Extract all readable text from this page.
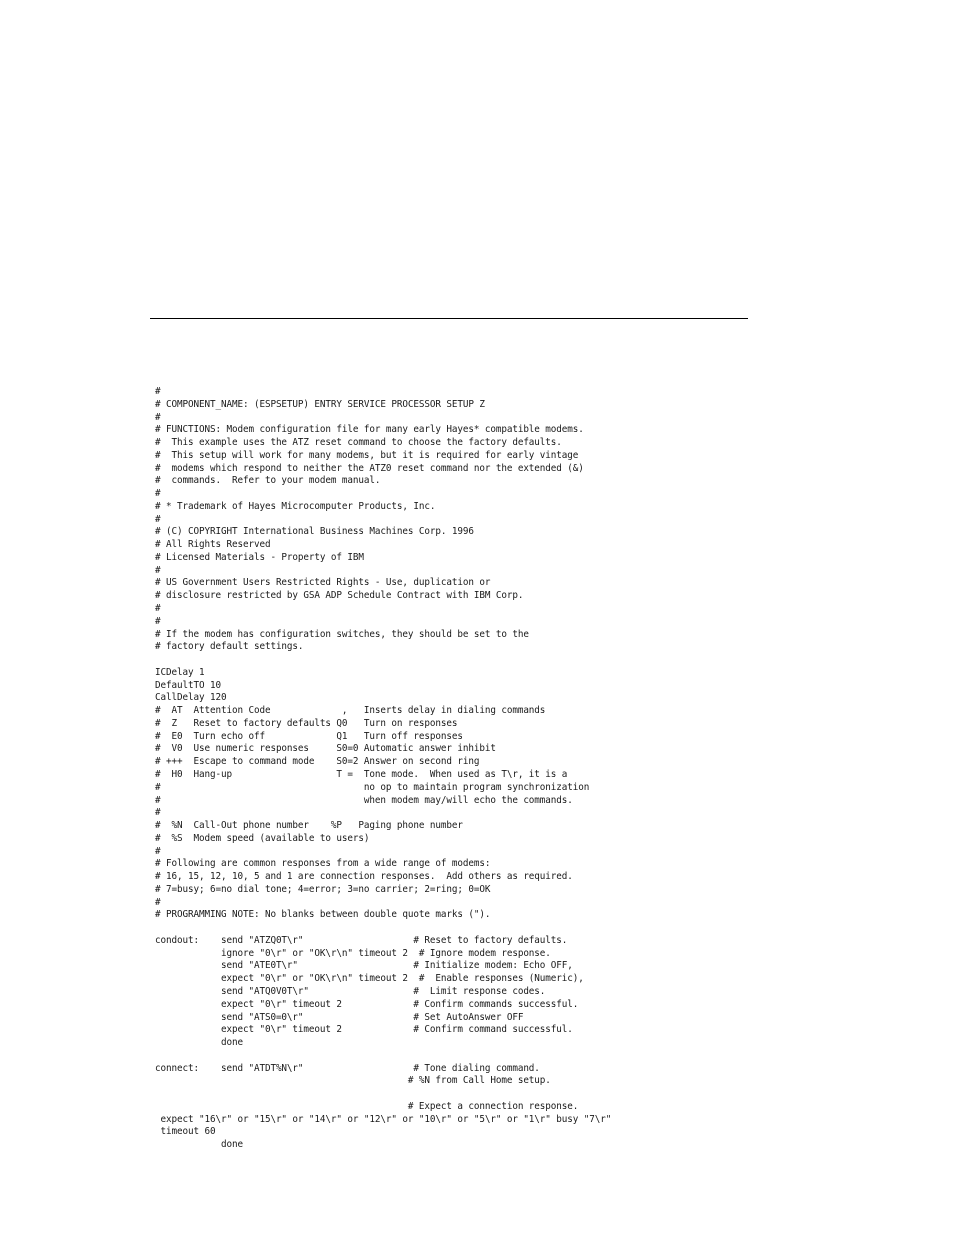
#
# COMPONENT_NAME: (ESPSETUP) ENTRY SERVICE PROCESSOR SETUP Z
#
# FUNCTIONS: Modem configuration file for many early Hayes* compatible modems.
#  This example uses the ATZ reset command to choose the factory defaults.
#  This setup will work for many modems, but it is required for early vintage
#  modems which respond to neither the ATZ0 reset command nor the extended (&)
#  commands.  Refer to your modem manual.
#
# * Trademark of Hayes Microcomputer Products, Inc.
#
# (C) COPYRIGHT International Business Machines Corp. 1996
# All Rights Reserved
# Licensed Materials - Property of IBM
#
# US Government Users Restricted Rights - Use, duplication or
# disclosure restricted by GSA ADP Schedule Contract with IBM Corp.
#
#
# If the modem has configuration switches, they should be set to the
# factory default settings.
ICDelay 1
DefaultTO 10
CallDelay 120
#  AT  Attention Code             ,   Inserts delay in dialing commands
#  Z   Reset to factory defaults Q0   Turn on responses
#  E0  Turn echo off             Q1   Turn off responses
#  V0  Use numeric responses     S0=0 Automatic answer inhibit
# +++  Escape to command mode    S0=2 Answer on second ring
#  H0  Hang-up                   T =  Tone mode.  When used as T\r, it is a
#                                     no op to maintain program synchronization
#                                     when modem may/will echo the commands.
#
#  %N  Call-Out phone number    %P   Paging phone number
#  %S  Modem speed (available to users)
#
# Following are common responses from a wide range of modems:
# 16, 15, 12, 10, 5 and 1 are connection responses.  Add others as required.
# 7=busy; 6=no dial tone; 4=error; 3=no carrier; 2=ring; 0=OK
#
# PROGRAMMING NOTE: No blanks between double quote marks (").
condout:    send "ATZQ0T\r"                    # Reset to factory defaults.
ignore "0\r" or "OK\r\n" timeout 2  # Ignore modem response.
send "ATE0T\r"                     # Initialize modem: Echo OFF,
expect "0\r" or "OK\r\n" timeout 2  #  Enable responses (Numeric),
send "ATQ0V0T\r"                   #  Limit response codes.
expect "0\r" timeout 2             # Confirm commands successful.
send "ATS0=0\r"                    # Set AutoAnswer OFF
expect "0\r" timeout 2             # Confirm command successful.
done
connect:    send "ATDT%N\r"                    # Tone dialing command.
# %N from Call Home setup.
# Expect a connection response.
expect "16\r" or "15\r" or "14\r" or "12\r" or "10\r" or "5\r" or "1\r" busy "7\r"
timeout 60
done
